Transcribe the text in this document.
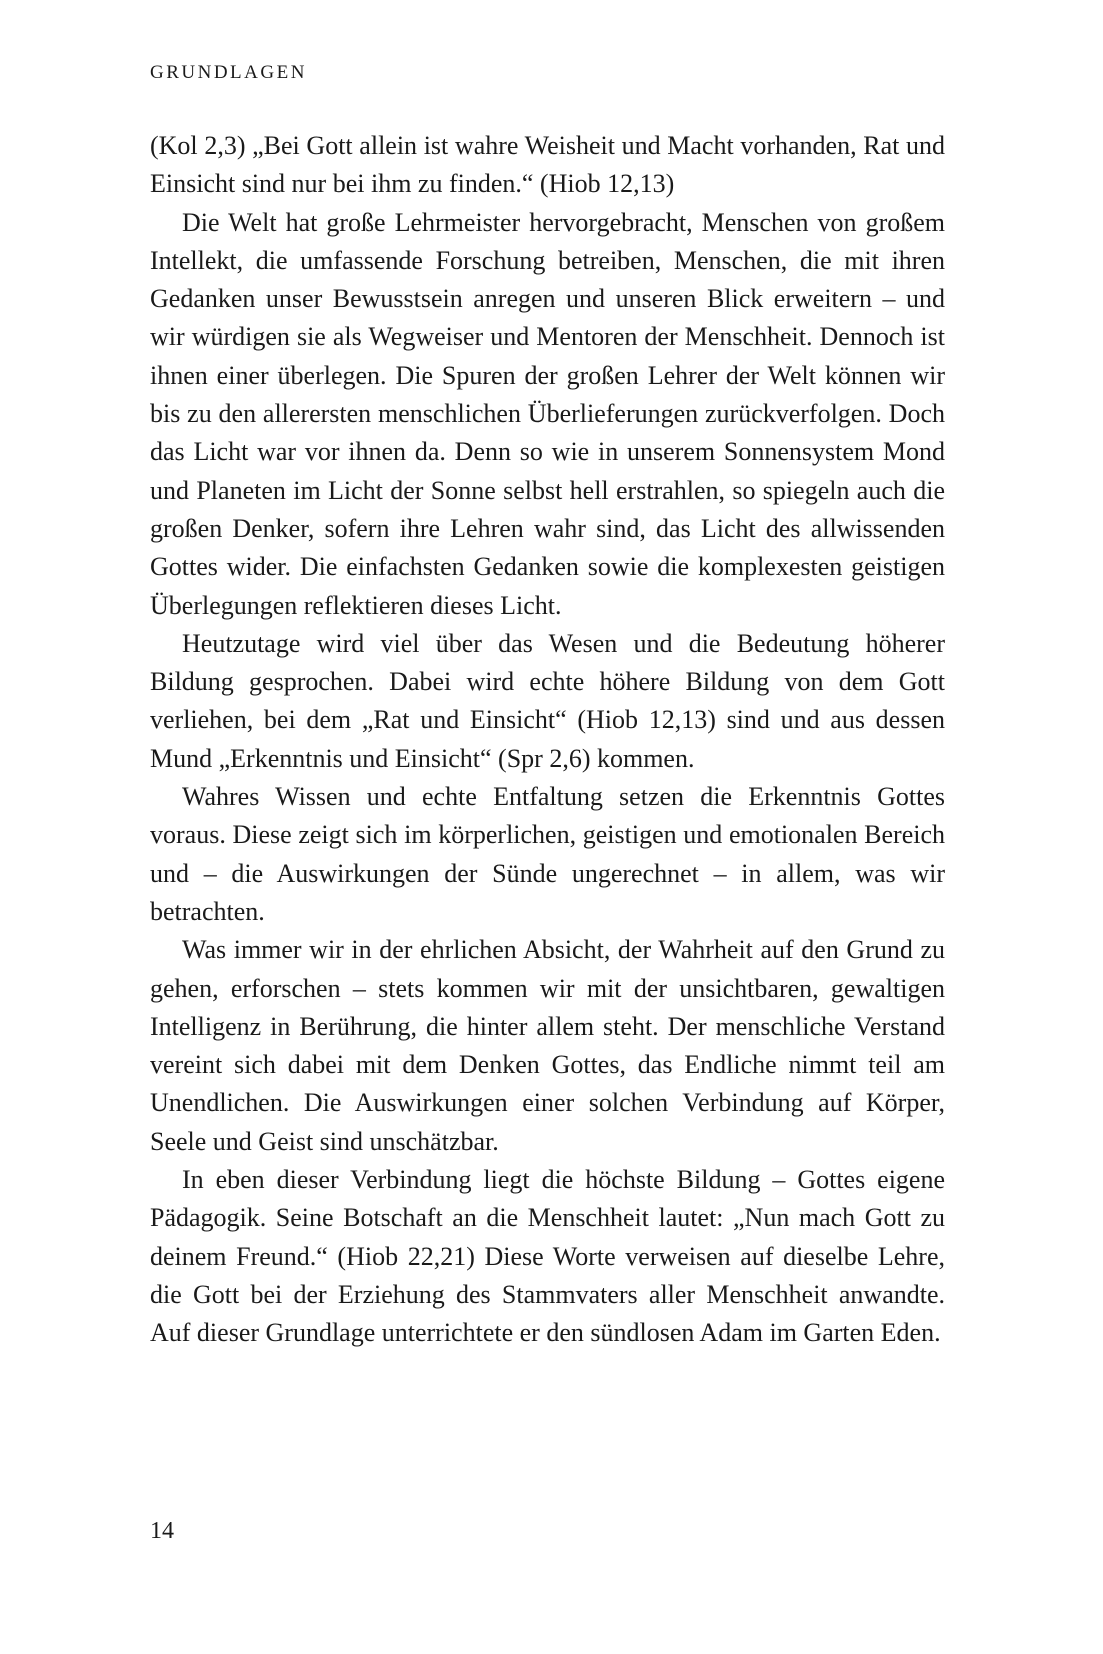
GRUNDLAGEN

(Kol 2,3) „Bei Gott allein ist wahre Weisheit und Macht vorhanden, Rat und Einsicht sind nur bei ihm zu finden.“ (Hiob 12,13)

Die Welt hat große Lehrmeister hervorgebracht, Menschen von großem Intellekt, die umfassende Forschung betreiben, Menschen, die mit ihren Gedanken unser Bewusstsein anregen und unseren Blick erweitern – und wir würdigen sie als Wegweiser und Mentoren der Menschheit. Dennoch ist ihnen einer überlegen. Die Spuren der großen Lehrer der Welt können wir bis zu den allerersten menschlichen Überlieferungen zurückverfolgen. Doch das Licht war vor ihnen da. Denn so wie in unserem Sonnensystem Mond und Planeten im Licht der Sonne selbst hell erstrahlen, so spiegeln auch die großen Denker, sofern ihre Lehren wahr sind, das Licht des allwissenden Gottes wider. Die einfachsten Gedanken sowie die komplexesten geistigen Überlegungen reflektieren dieses Licht.

Heutzutage wird viel über das Wesen und die Bedeutung höherer Bildung gesprochen. Dabei wird echte höhere Bildung von dem Gott verliehen, bei dem „Rat und Einsicht“ (Hiob 12,13) sind und aus dessen Mund „Erkenntnis und Einsicht“ (Spr 2,6) kommen.

Wahres Wissen und echte Entfaltung setzen die Erkenntnis Gottes voraus. Diese zeigt sich im körperlichen, geistigen und emotionalen Bereich und – die Auswirkungen der Sünde ungerechnet – in allem, was wir betrachten.

Was immer wir in der ehrlichen Absicht, der Wahrheit auf den Grund zu gehen, erforschen – stets kommen wir mit der unsichtbaren, gewaltigen Intelligenz in Berührung, die hinter allem steht. Der menschliche Verstand vereint sich dabei mit dem Denken Gottes, das Endliche nimmt teil am Unendlichen. Die Auswirkungen einer solchen Verbindung auf Körper, Seele und Geist sind unschätzbar.

In eben dieser Verbindung liegt die höchste Bildung – Gottes eigene Pädagogik. Seine Botschaft an die Menschheit lautet: „Nun mach Gott zu deinem Freund.“ (Hiob 22,21) Diese Worte verweisen auf dieselbe Lehre, die Gott bei der Erziehung des Stammvaters aller Menschheit anwandte. Auf dieser Grundlage unterrichtete er den sündlosen Adam im Garten Eden.

14
